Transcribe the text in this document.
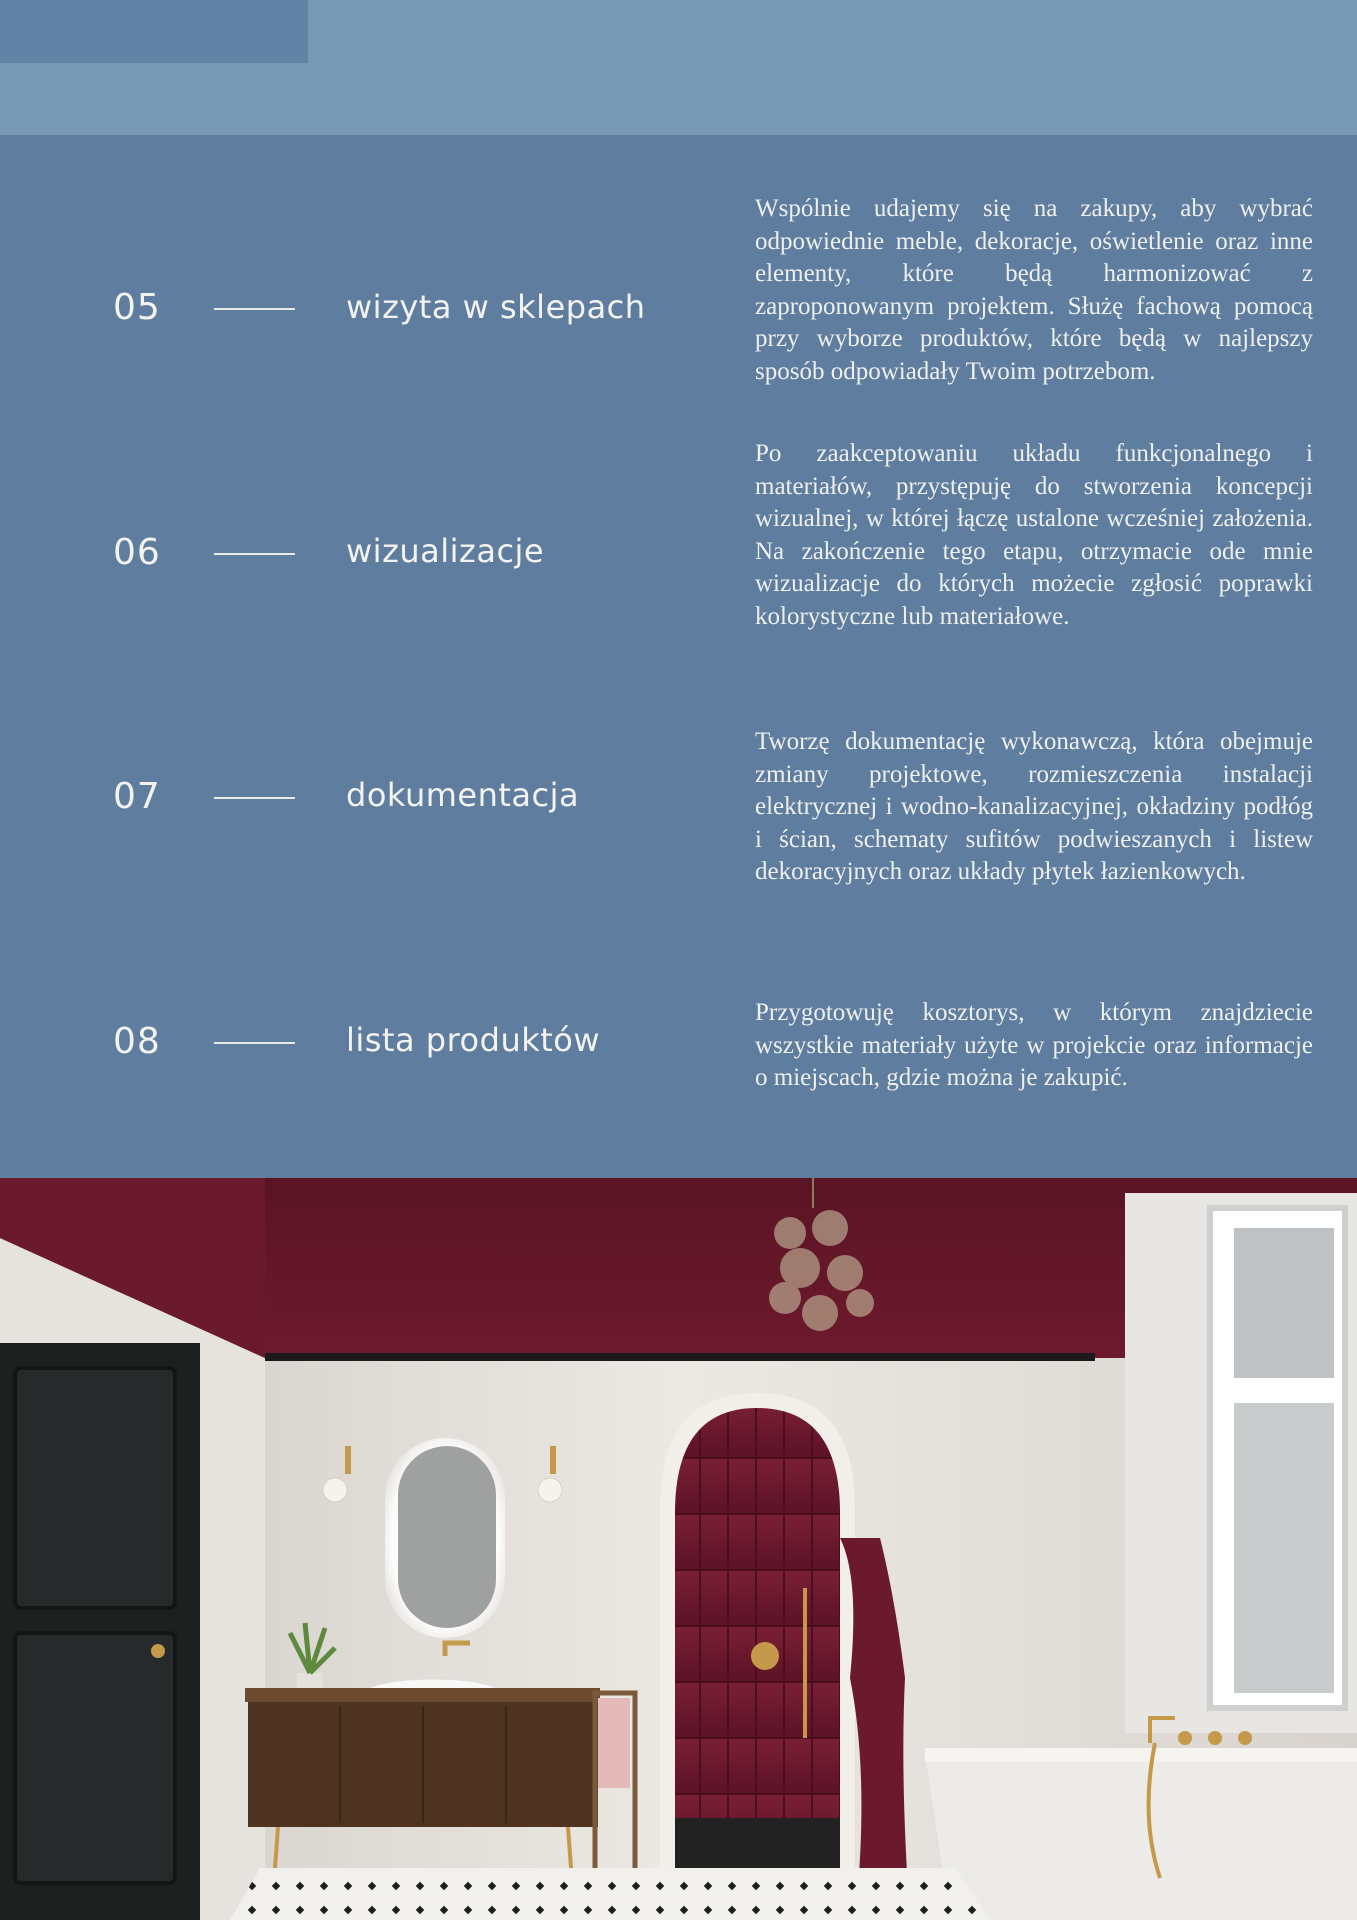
05	wizyta w sklepach

Wspólnie udajemy się na zakupy, aby wybrać odpowiednie meble, dekoracje, oświetlenie oraz inne elementy, które będą harmonizować z zaproponowanym projektem. Służę fachową pomocą przy wyborze produktów, które będą w najlepszy sposób odpowiadały Twoim potrzebom.

06	wizualizacje

Po zaakceptowaniu układu funkcjonalnego i materiałów, przystępuję do stworzenia koncepcji wizualnej, w której łączę ustalone wcześniej założenia. Na zakończenie tego etapu, otrzymacie ode mnie wizualizacje do których możecie zgłosić poprawki kolorystyczne lub materiałowe.

07	dokumentacja

Tworzę dokumentację wykonawczą, która obejmuje zmiany projektowe, rozmieszczenia instalacji elektrycznej i wodno-kanalizacyjnej, okładziny podłóg i ścian, schematy sufitów podwieszanych i listew dekoracyjnych oraz układy płytek łazienkowych.

08	lista produktów

Przygotowuję kosztorys, w którym znajdziecie wszystkie materiały użyte w projekcie oraz informacje o miejscach, gdzie można je zakupić.
